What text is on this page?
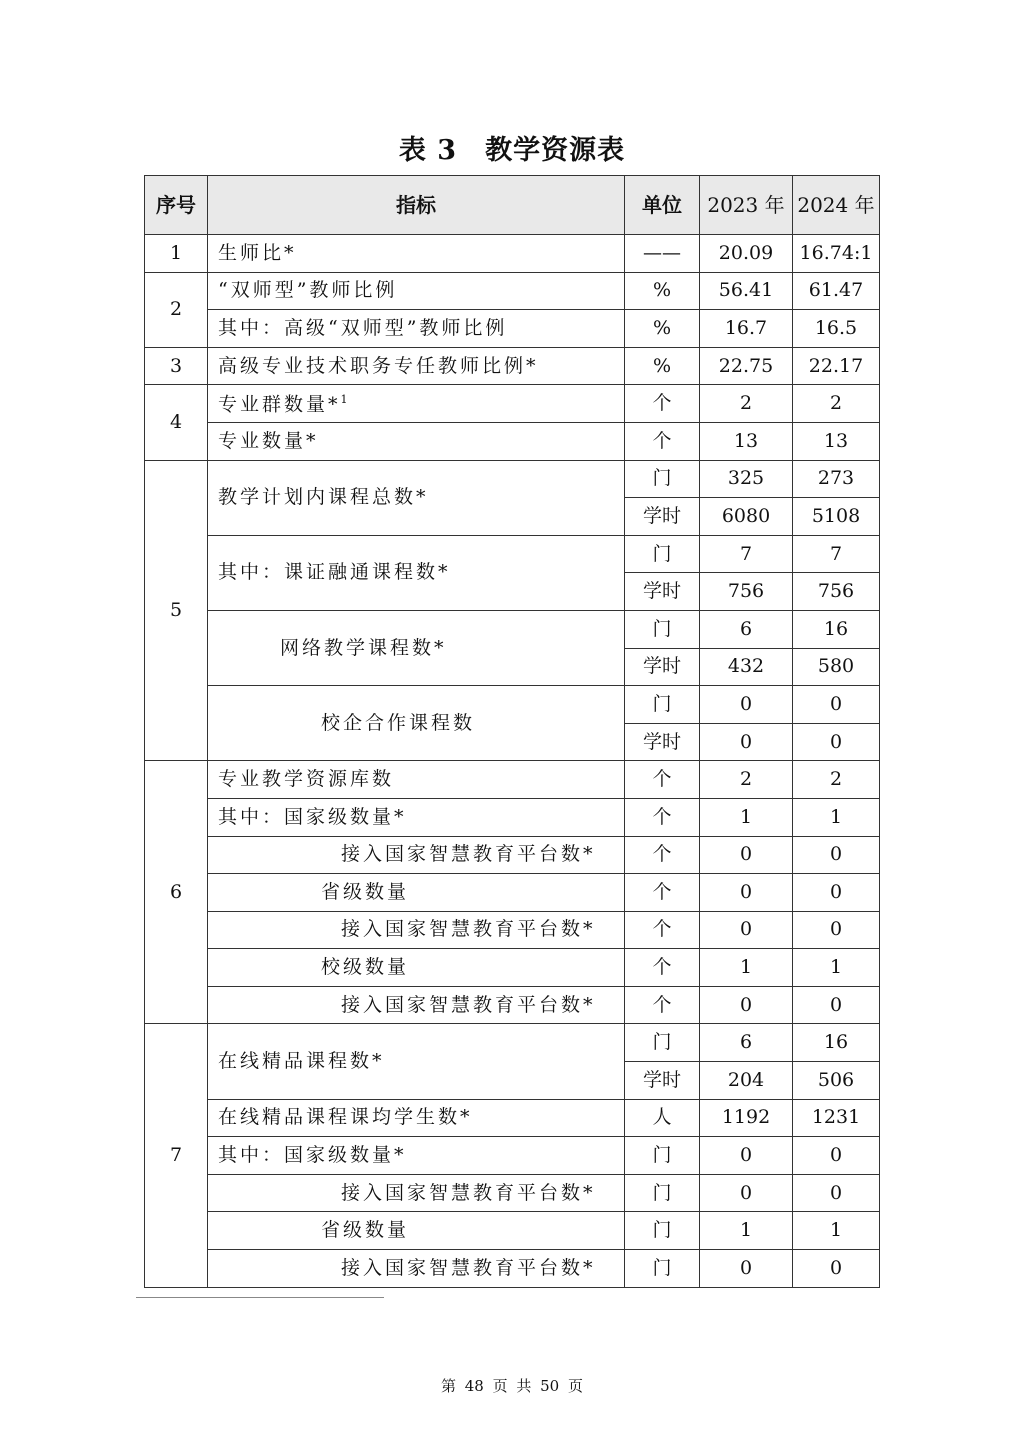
表 3　教学资源表
序号	指标	单位	2023 年	2024 年
1	生师比*	——	20.09	16.74:1
2	“双师型”教师比例	%	56.41	61.47
	其中：高级“双师型”教师比例	%	16.7	16.5
3	高级专业技术职务专任教师比例*	%	22.75	22.17
4	专业群数量*$^1$	个	2	2
	专业数量*	个	13	13
5	教学计划内课程总数*	门	325	273
		学时	6080	5108
	其中：课证融通课程数*	门	7	7
		学时	756	756
	网络教学课程数*	门	6	16
		学时	432	580
	校企合作课程数	门	0	0
		学时	0	0
6	专业教学资源库数	个	2	2
	其中：国家级数量*	个	1	1
	接入国家智慧教育平台数*	个	0	0
	省级数量	个	0	0
	接入国家智慧教育平台数*	个	0	0
	校级数量	个	1	1
	接入国家智慧教育平台数*	个	0	0
7	在线精品课程数*	门	6	16
		学时	204	506
	在线精品课程课均学生数*	人	1192	1231
	其中：国家级数量*	门	0	0
	接入国家智慧教育平台数*	门	0	0
	省级数量	门	1	1
	接入国家智慧教育平台数*	门	0	0
第 48 页 共 50 页
